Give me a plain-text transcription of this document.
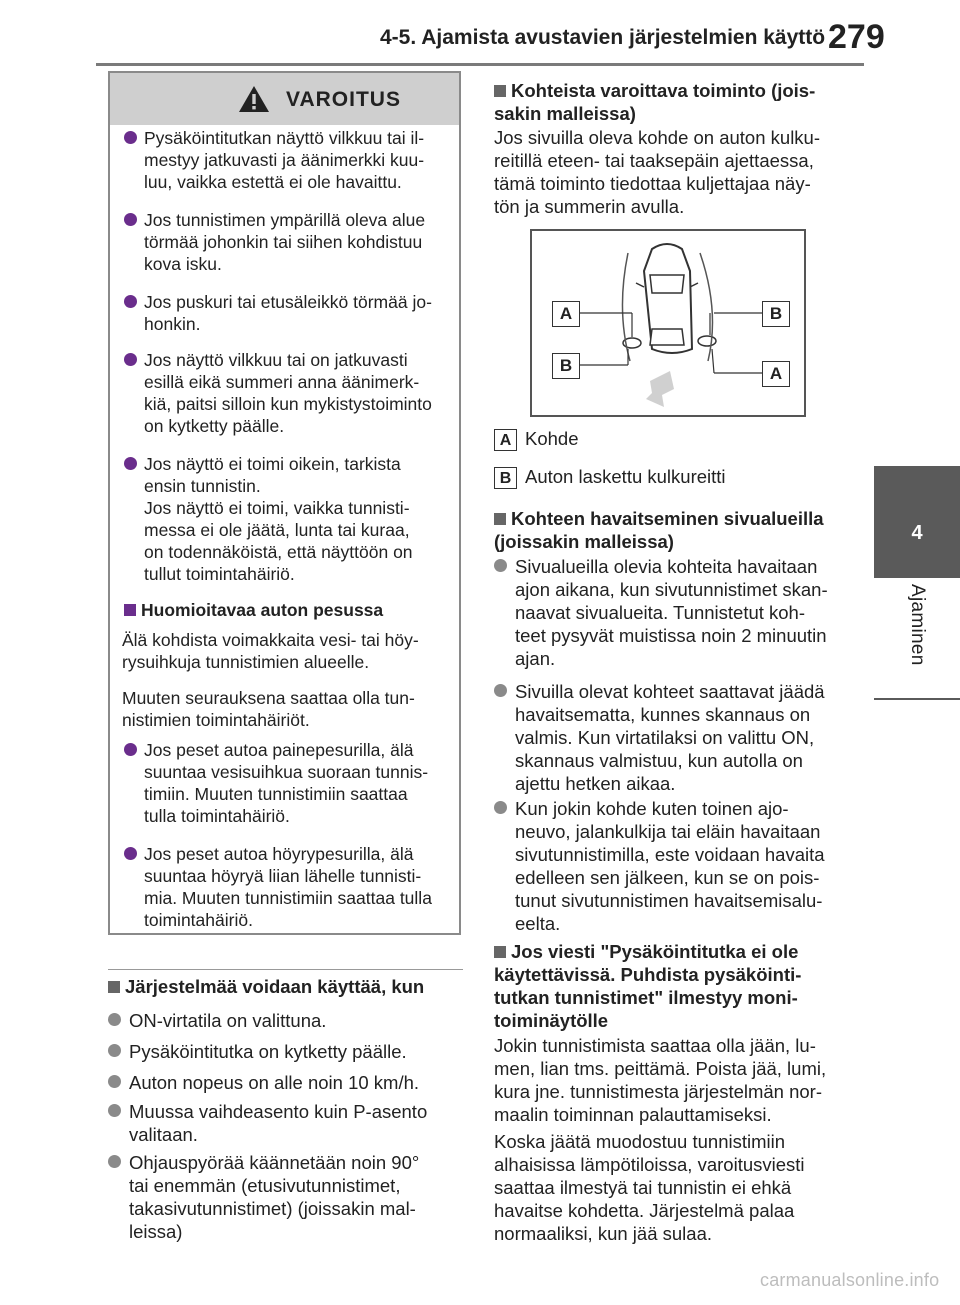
4-5. Ajamista avustavien järjestelmien käyttö 279
4
Ajaminen
VAROITUS
Pysäköintitutkan näyttö vilkkuu tai il-
mestyy jatkuvasti ja äänimerkki kuu-
luu, vaikka estettä ei ole havaittu.
Jos tunnistimen ympärillä oleva alue
törmää johonkin tai siihen kohdistuu
kova isku.
Jos puskuri tai etusäleikkö törmää jo-
honkin.
Jos näyttö vilkkuu tai on jatkuvasti
esillä eikä summeri anna äänimerk-
kiä, paitsi silloin kun mykistystoiminto
on kytketty päälle.
Jos näyttö ei toimi oikein, tarkista
ensin tunnistin.
Jos näyttö ei toimi, vaikka tunnisti-
messa ei ole jäätä, lunta tai kuraa,
on todennäköistä, että näyttöön on
tullut toimintahäiriö.
Huomioitavaa auton pesussa
Älä kohdista voimakkaita vesi- tai höy-
rysuihkuja tunnistimien alueelle.
Muuten seurauksena saattaa olla tun-
nistimien toimintahäiriöt.
Jos peset autoa painepesurilla, älä
suuntaa vesisuihkua suoraan tunnis-
timiin. Muuten tunnistimiin saattaa
tulla toimintahäiriö.
Jos peset autoa höyrypesurilla, älä
suuntaa höyryä liian lähelle tunnisti-
mia. Muuten tunnistimiin saattaa tulla
toimintahäiriö.
Järjestelmää voidaan käyttää, kun
ON-virtatila on valittuna.
Pysäköintitutka on kytketty päälle.
Auton nopeus on alle noin 10 km/h.
Muussa vaihdeasento kuin P-asento
valitaan.
Ohjauspyörää käännetään noin 90°
tai enemmän (etusivutunnistimet,
takasivutunnistimet) (joissakin mal-
leissa)
Kohteista varoittava toiminto (jois-
sakin malleissa)
Jos sivuilla oleva kohde on auton kulku-
reitillä eteen- tai taaksepäin ajettaessa,
tämä toiminto tiedottaa kuljettajaa näy-
tön ja summerin avulla.
A	B
B	A
A Kohde
B Auton laskettu kulkureitti
Kohteen havaitseminen sivualueilla
(joissakin malleissa)
Sivualueilla olevia kohteita havaitaan
ajon aikana, kun sivutunnistimet skan-
naavat sivualueita. Tunnistetut koh-
teet pysyvät muistissa noin 2 minuutin
ajan.
Sivuilla olevat kohteet saattavat jäädä
havaitsematta, kunnes skannaus on
valmis. Kun virtatilaksi on valittu ON,
skannaus valmistuu, kun autolla on
ajettu hetken aikaa.
Kun jokin kohde kuten toinen ajo-
neuvo, jalankulkija tai eläin havaitaan
sivutunnistimilla, este voidaan havaita
edelleen sen jälkeen, kun se on pois-
tunut sivutunnistimen havaitsemisalu-
eelta.
Jos viesti "Pysäköintitutka ei ole
käytettävissä. Puhdista pysäköinti-
tutkan tunnistimet" ilmestyy moni-
toiminäytölle
Jokin tunnistimista saattaa olla jään, lu-
men, lian tms. peittämä. Poista jää, lumi,
kura jne. tunnistimesta järjestelmän nor-
maalin toiminnan palauttamiseksi.
Koska jäätä muodostuu tunnistimiin
alhaisissa lämpötiloissa, varoitusviesti
saattaa ilmestyä tai tunnistin ei ehkä
havaitse kohdetta. Järjestelmä palaa
normaaliksi, kun jää sulaa.
carmanualsonline.info
